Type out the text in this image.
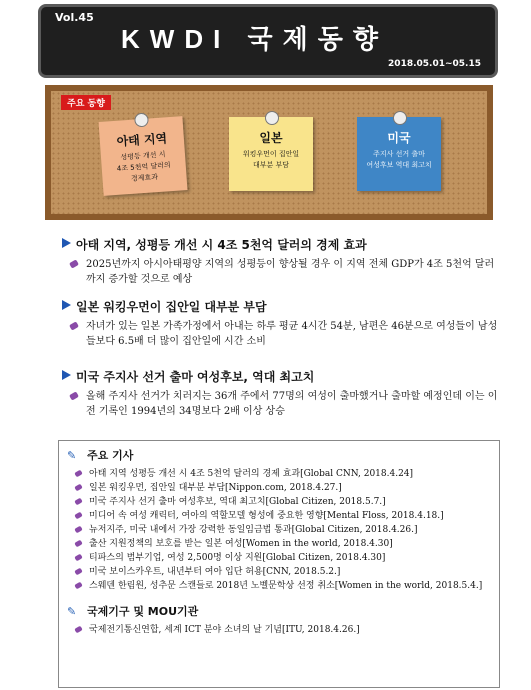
Vol.45
KWDI 국제동향
2018.05.01~05.15
주요 동향
아태 지역
성평등 개선 시
4조 5천억 달러의
경제효과
일본
워킹우먼이 집안일
대부분 부담
미국
주지사 선거 출마
여성후보 역대 최고치
아태 지역, 성평등 개선 시 4조 5천억 달러의 경제 효과

2025년까지 아시아태평양 지역의 성평등이 향상될 경우 이 지역 전체 GDP가 4조 5천억 달러까지 증가할 것으로 예상

일본 워킹우먼이 집안일 대부분 부담

자녀가 있는 일본 가족가정에서 아내는 하루 평균 4시간 54분, 남편은 46분으로 여성들이 남성들보다 6.5배 더 많이 집안일에 시간 소비

미국 주지사 선거 출마 여성후보, 역대 최고치

올해 주지사 선거가 치러지는 36개 주에서 77명의 여성이 출마했거나 출마할 예정인데 이는 이전 기록인 1994년의 34명보다 2배 이상 상승

✎ 주요 기사
아태 지역 성평등 개선 시 4조 5천억 달러의 경제 효과[Global CNN, 2018.4.24]
일본 워킹우먼, 집안일 대부분 부담[Nippon.com, 2018.4.27.]
미국 주지사 선거 출마 여성후보, 역대 최고치[Global Citizen, 2018.5.7.]
미디어 속 여성 캐릭터, 여아의 역할모델 형성에 중요한 영향[Mental Floss, 2018.4.18.]
뉴저지주, 미국 내에서 가장 강력한 동일임금법 통과[Global Citizen, 2018.4.26.]
출산 지원정책의 보호를 받는 일본 여성[Women in the world, 2018.4.30]
티파스의 범부기업, 여성 2,500명 이상 지원[Global Citizen, 2018.4.30]
미국 보이스카우트, 내년부터 여아 입단 허용[CNN, 2018.5.2.]
스웨덴 한림원, 성추문 스캔들로 2018년 노벨문학상 선정 취소[Women in the world, 2018.5.4.]
✎ 국제기구 및 MOU기관
국제전기통신연합, 세계 ICT 분야 소녀의 날 기념[ITU, 2018.4.26.]
